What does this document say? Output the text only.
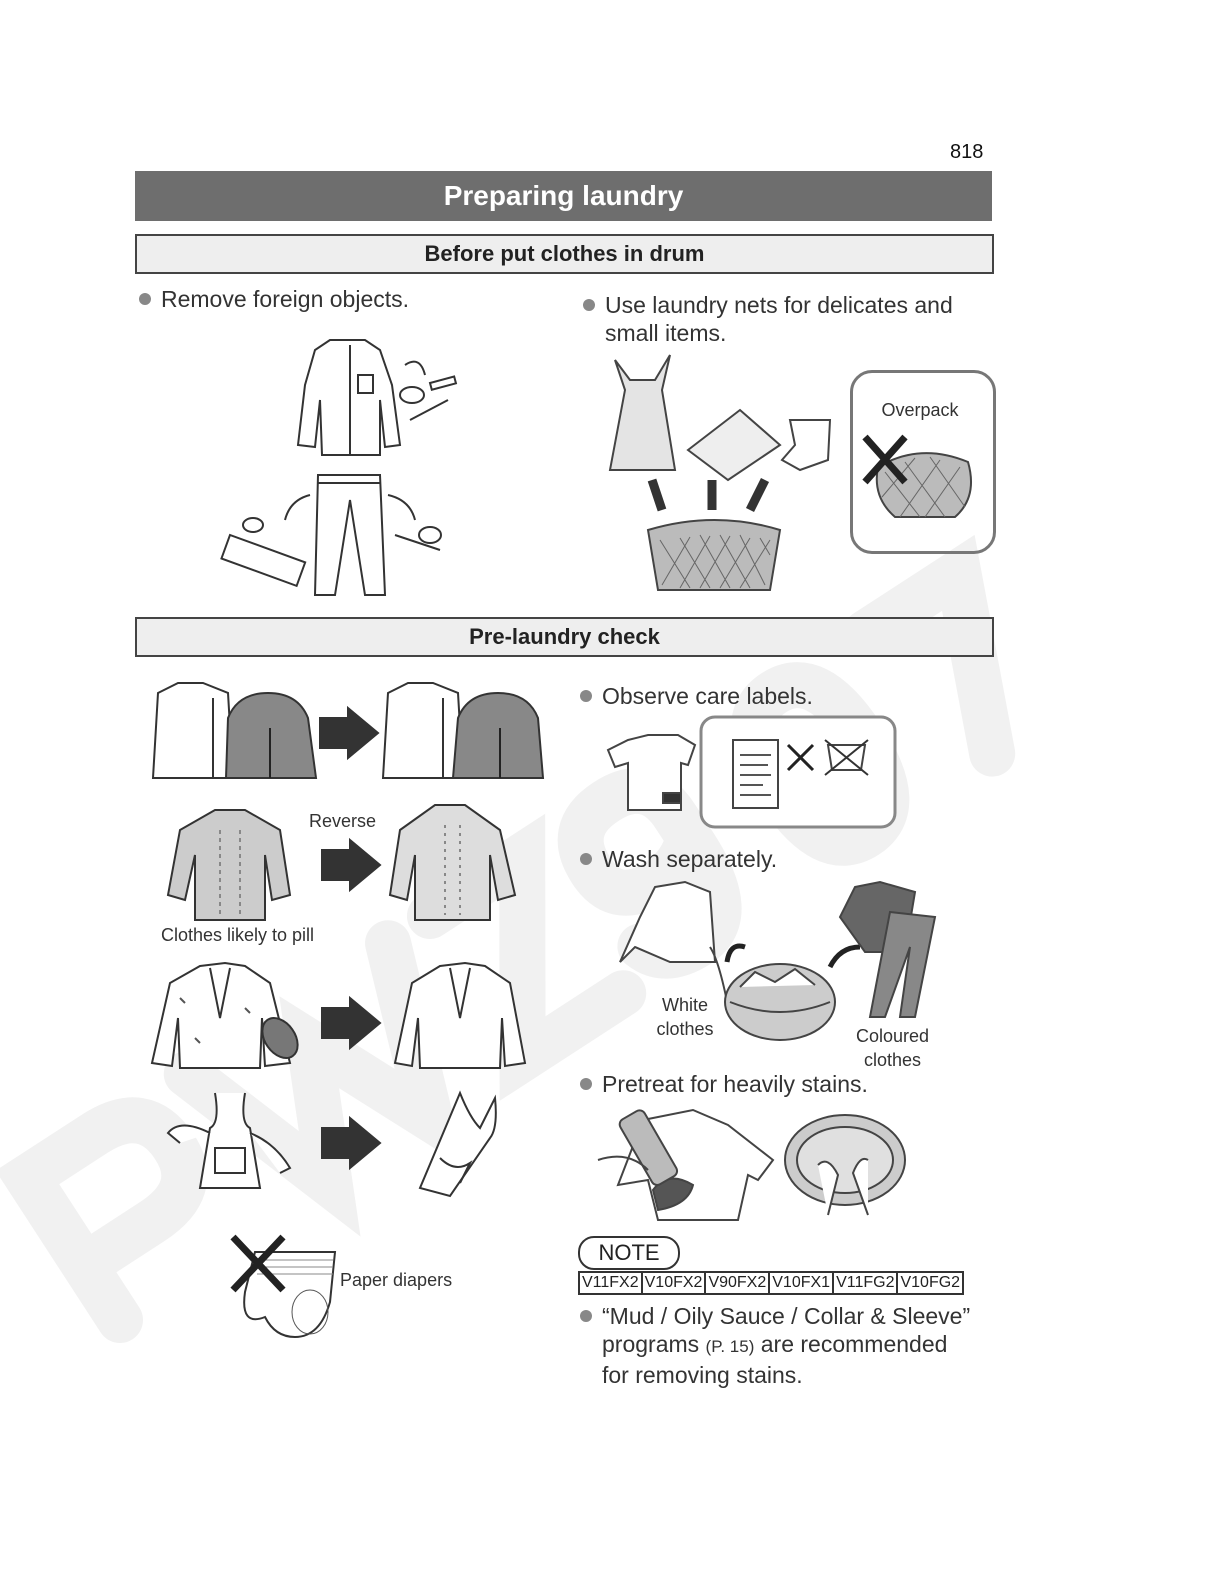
818
Preparing laundry
Before put clothes in drum
Remove foreign objects.	Use laundry nets for delicates and
small items.
Overpack
Pre-laundry check
Reverse
Clothes likely to pill
Paper diapers
Observe care labels.
Wash separately.
White
clothes	Coloured
clothes
Pretreat for heavily stains.
NOTE
V11FX2 V10FX2 V90FX2 V10FX1 V11FG2 V10FG2
“Mud / Oily Sauce / Collar & Sleeve”
programs (P. 15) are recommended
for removing stains.
